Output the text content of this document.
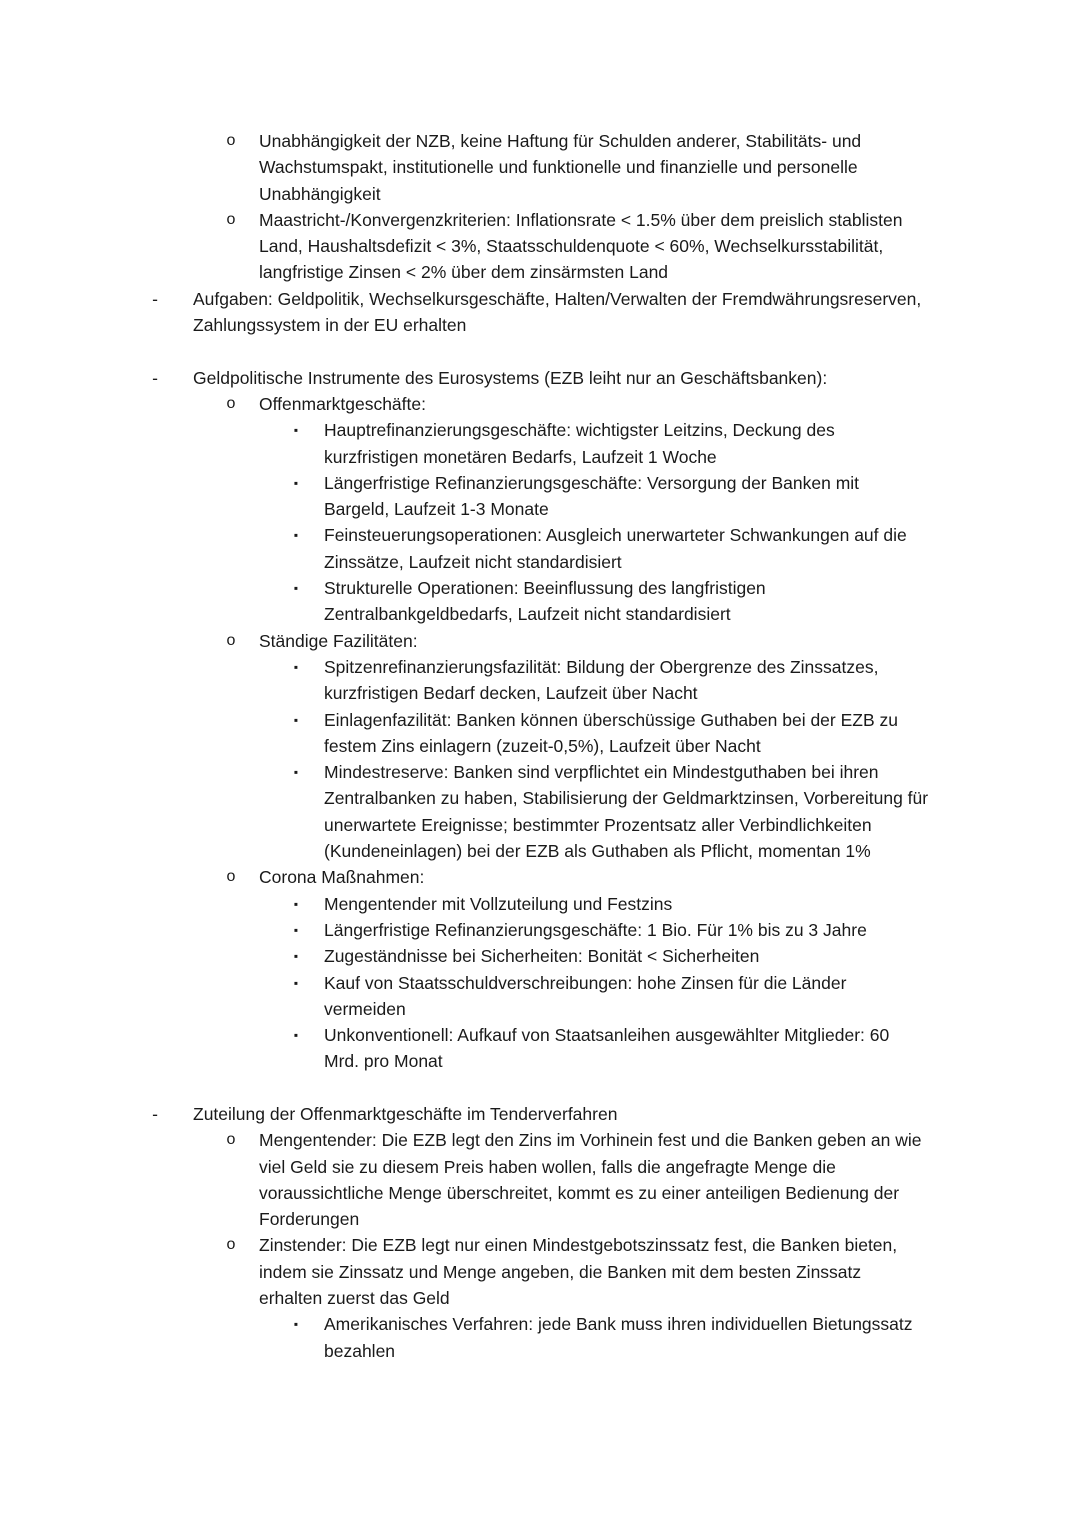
o Unabhängigkeit der NZB, keine Haftung für Schulden anderer, Stabilitäts- und Wachstumspakt, institutionelle und funktionelle und finanzielle und personelle Unabhängigkeit
o Maastricht-/Konvergenzkriterien: Inflationsrate < 1.5% über dem preislich stablisten Land, Haushaltsdefizit < 3%, Staatsschuldenquote < 60%, Wechselkursstabilität, langfristige Zinsen < 2% über dem zinsärmsten Land
- Aufgaben: Geldpolitik, Wechselkursgeschäfte, Halten/Verwalten der Fremdwährungsreserven, Zahlungssystem in der EU erhalten
- Geldpolitische Instrumente des Eurosystems (EZB leiht nur an Geschäftsbanken):
o Offenmarktgeschäfte:
▪ Hauptrefinanzierungsgeschäfte: wichtigster Leitzins, Deckung des kurzfristigen monetären Bedarfs, Laufzeit 1 Woche
▪ Längerfristige Refinanzierungsgeschäfte: Versorgung der Banken mit Bargeld, Laufzeit 1-3 Monate
▪ Feinsteuerungsoperationen: Ausgleich unerwarteter Schwankungen auf die Zinssätze, Laufzeit nicht standardisiert
▪ Strukturelle Operationen: Beeinflussung des langfristigen Zentralbankgeldbedarfs, Laufzeit nicht standardisiert
o Ständige Fazilitäten:
▪ Spitzenrefinanzierungsfazilität: Bildung der Obergrenze des Zinssatzes, kurzfristigen Bedarf decken, Laufzeit über Nacht
▪ Einlagenfazilität: Banken können überschüssige Guthaben bei der EZB zu festem Zins einlagern (zuzeit-0,5%), Laufzeit über Nacht
▪ Mindestreserve: Banken sind verpflichtet ein Mindestguthaben bei ihren Zentralbanken zu haben, Stabilisierung der Geldmarktzinsen, Vorbereitung für unerwartete Ereignisse; bestimmter Prozentsatz aller Verbindlichkeiten (Kundeneinlagen) bei der EZB als Guthaben als Pflicht, momentan 1%
o Corona Maßnahmen:
▪ Mengentender mit Vollzuteilung und Festzins
▪ Längerfristige Refinanzierungsgeschäfte: 1 Bio. Für 1% bis zu 3 Jahre
▪ Zugeständnisse bei Sicherheiten: Bonität < Sicherheiten
▪ Kauf von Staatsschuldverschreibungen: hohe Zinsen für die Länder vermeiden
▪ Unkonventionell: Aufkauf von Staatsanleihen ausgewählter Mitglieder: 60 Mrd. pro Monat
- Zuteilung der Offenmarktgeschäfte im Tenderverfahren
o Mengentender: Die EZB legt den Zins im Vorhinein fest und die Banken geben an wie viel Geld sie zu diesem Preis haben wollen, falls die angefragte Menge die voraussichtliche Menge überschreitet, kommt es zu einer anteiligen Bedienung der Forderungen
o Zinstender: Die EZB legt nur einen Mindestgebotszinssatz fest, die Banken bieten, indem sie Zinssatz und Menge angeben, die Banken mit dem besten Zinssatz erhalten zuerst das Geld
▪ Amerikanisches Verfahren: jede Bank muss ihren individuellen Bietungssatz bezahlen
